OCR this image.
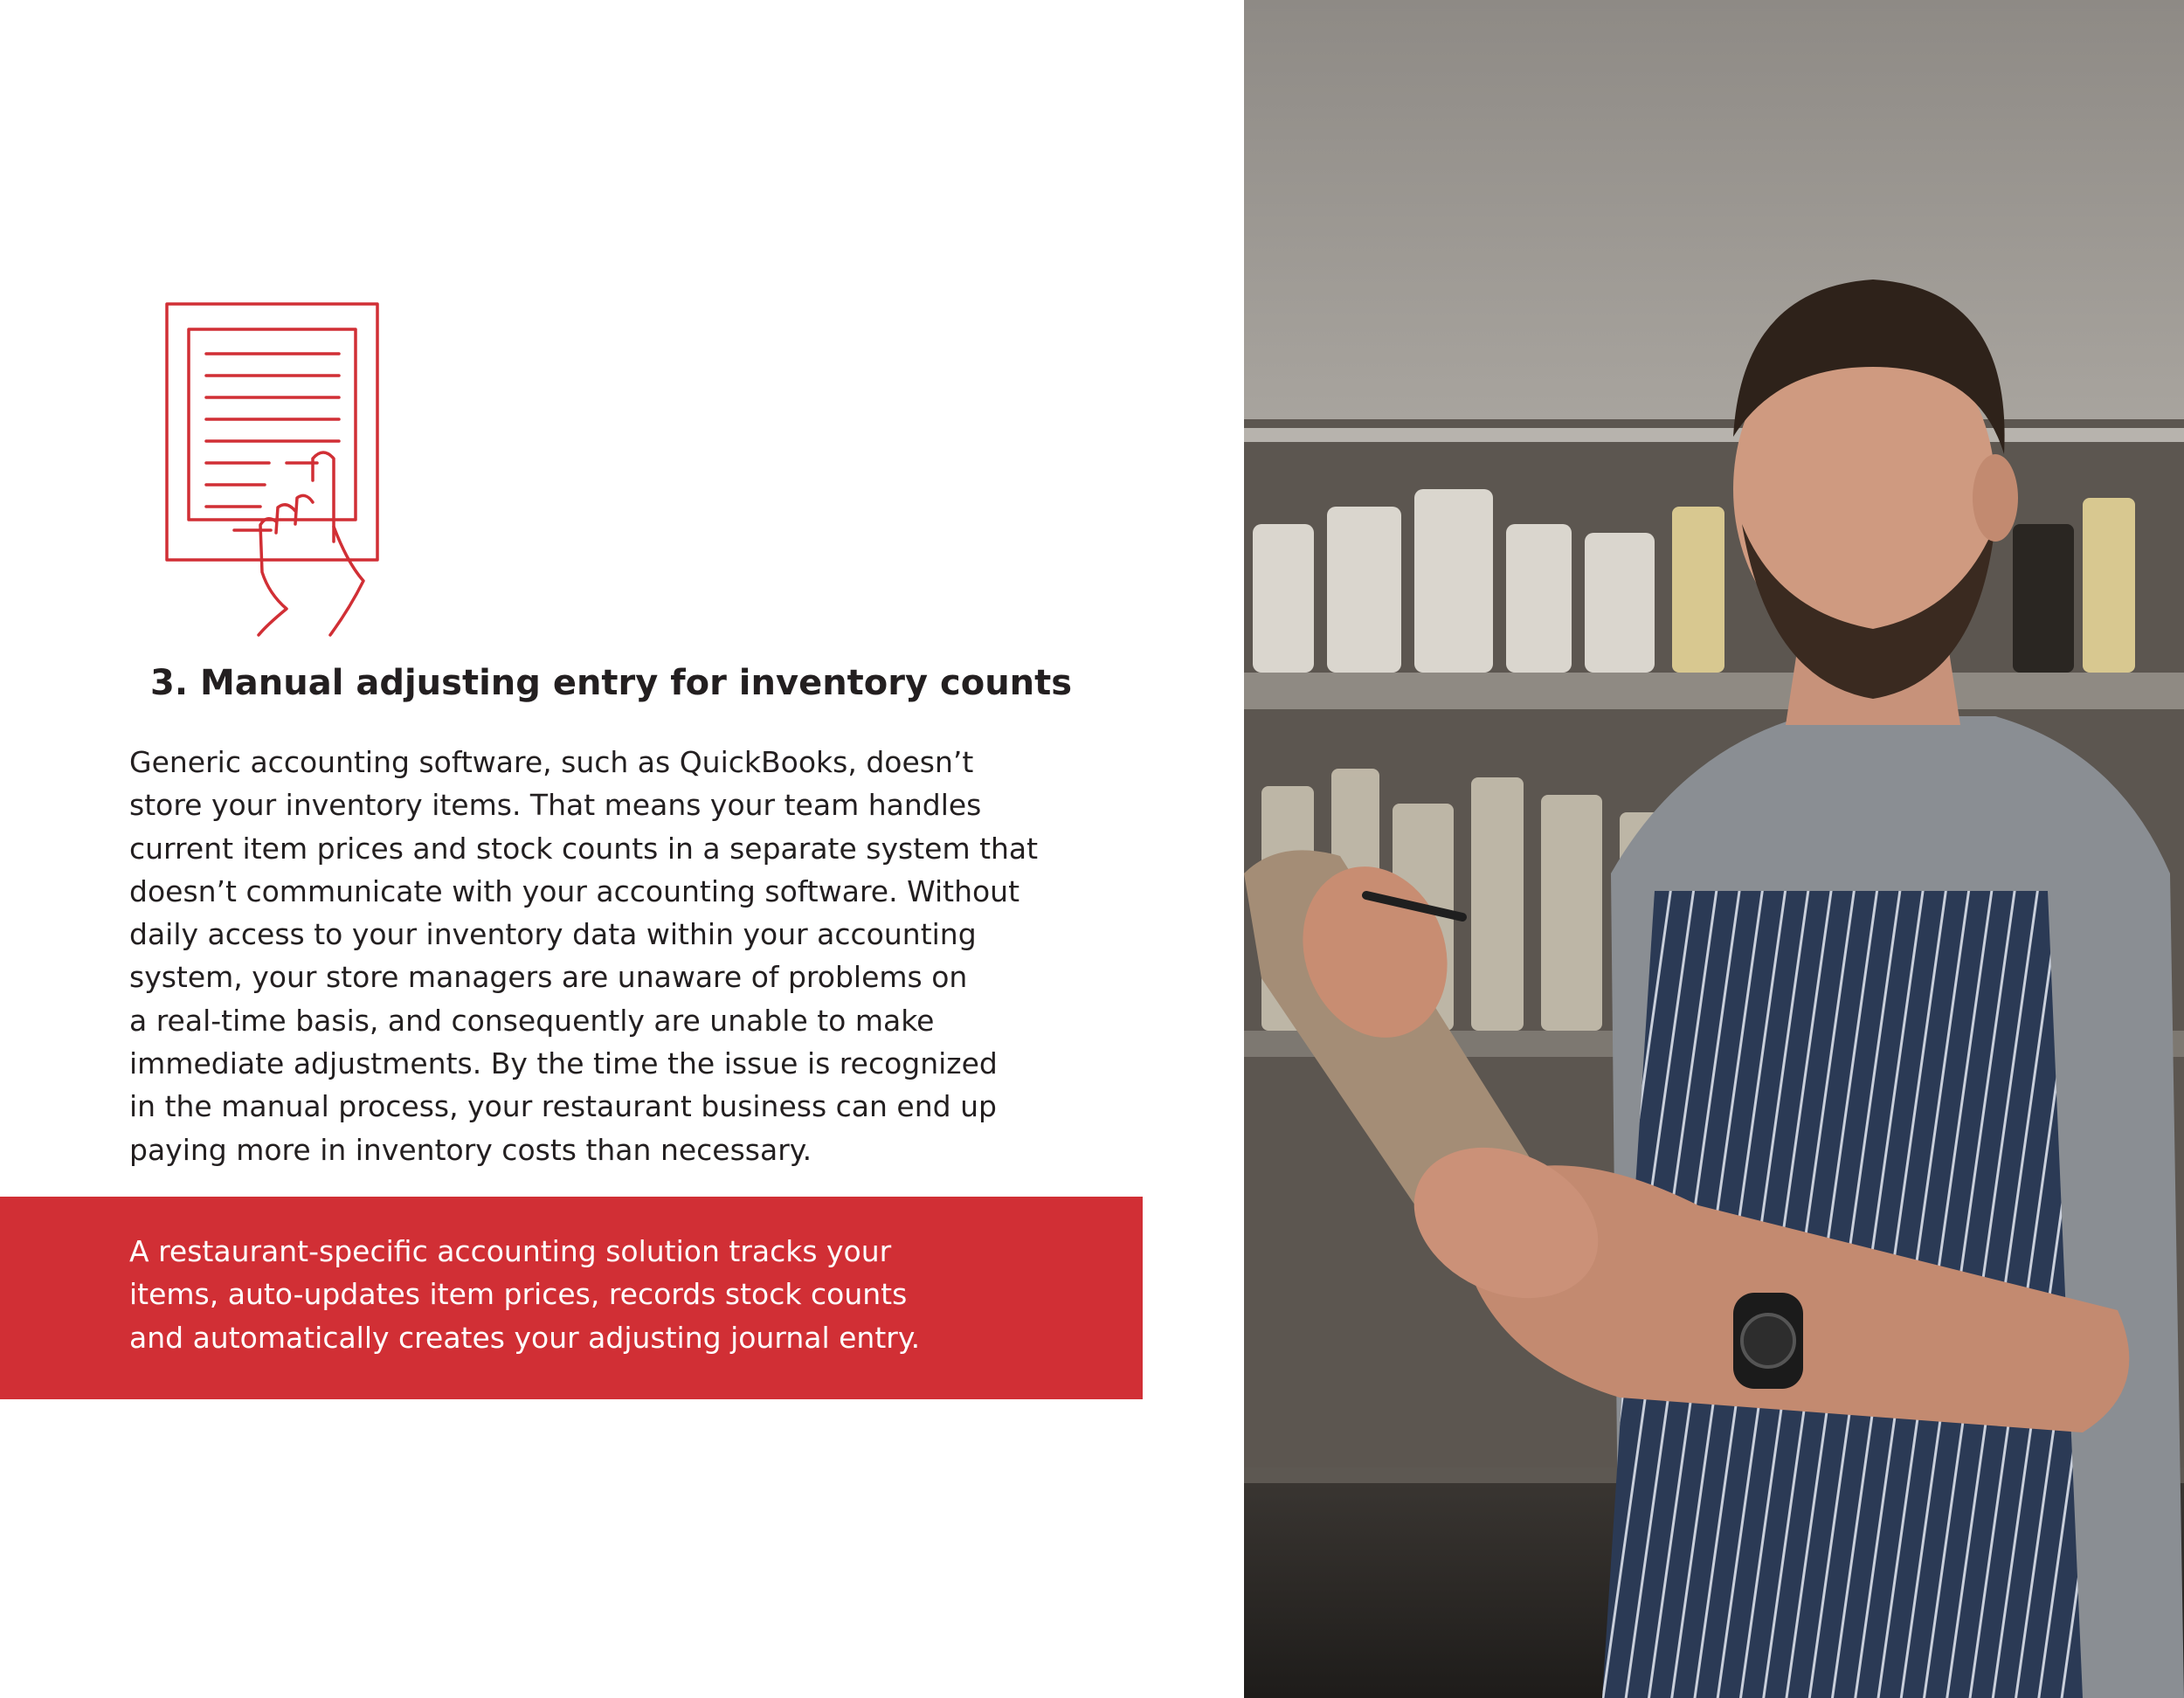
3. Manual adjusting entry for inventory counts

Generic accounting software, such as QuickBooks, doesn’t
store your inventory items. That means your team handles
current item prices and stock counts in a separate system that
doesn’t communicate with your accounting software. Without
daily access to your inventory data within your accounting
system, your store managers are unaware of problems on
a real-time basis, and consequently are unable to make
immediate adjustments. By the time the issue is recognized
in the manual process, your restaurant business can end up
paying more in inventory costs than necessary.

A restaurant-specific accounting solution tracks your
items, auto-updates item prices, records stock counts
and automatically creates your adjusting journal entry.
